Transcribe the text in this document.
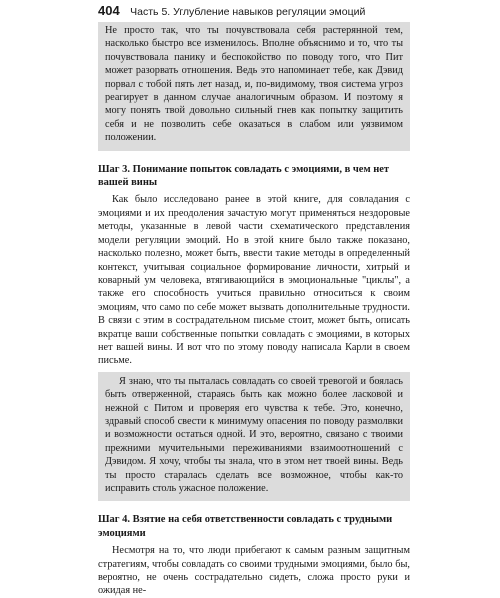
404 Часть 5. Углубление навыков регуляции эмоций

Не просто так, что ты почувствовала себя растерянной тем, насколько быстро все изменилось. Вполне объяснимо и то, что ты почувствовала панику и беспокойство по поводу того, что Пит может разорвать отношения. Ведь это напоминает тебе, как Дэвид порвал с тобой пять лет назад, и, по-видимому, твоя система угроз реагирует в данном случае аналогичным образом. И поэтому я могу понять твой довольно сильный гнев как попытку защитить себя и не позволить себе оказаться в слабом или уязвимом положении.

Шаг 3. Понимание попыток совладать с эмоциями, в чем нет вашей вины

Как было исследовано ранее в этой книге, для совладания с эмоциями и их преодоления зачастую могут применяться нездоровые методы, указанные в левой части схематического представления модели регуляции эмоций. Но в этой книге было также показано, насколько полезно, может быть, ввести такие методы в определенный контекст, учитывая социальное формирование личности, хитрый и коварный ум человека, втягивающийся в эмоциональные "циклы", а также его способность учиться правильно относиться к своим эмоциям, что само по себе может вызвать дополнительные трудности. В связи с этим в сострадательном письме стоит, может быть, описать вкратце ваши собственные попытки совладать с эмоциями, в которых нет вашей вины. И вот что по этому поводу написала Карли в своем письме.

Я знаю, что ты пыталась совладать со своей тревогой и боялась быть отверженной, стараясь быть как можно более ласковой и нежной с Питом и проверяя его чувства к тебе. Это, конечно, здравый способ свести к минимуму опасения по поводу размолвки и возможности остаться одной. И это, вероятно, связано с твоими прежними мучительными переживаниями взаимоотношений с Дэвидом. Я хочу, чтобы ты знала, что в этом нет твоей вины. Ведь ты просто старалась сделать все возможное, чтобы как-то исправить столь ужасное положение.

Шаг 4. Взятие на себя ответственности совладать с трудными эмоциями

Несмотря на то, что люди прибегают к самым разным защитным стратегиям, чтобы совладать со своими трудными эмоциями, было бы, вероятно, не очень сострадательно сидеть, сложа просто руки и ожидая не-
